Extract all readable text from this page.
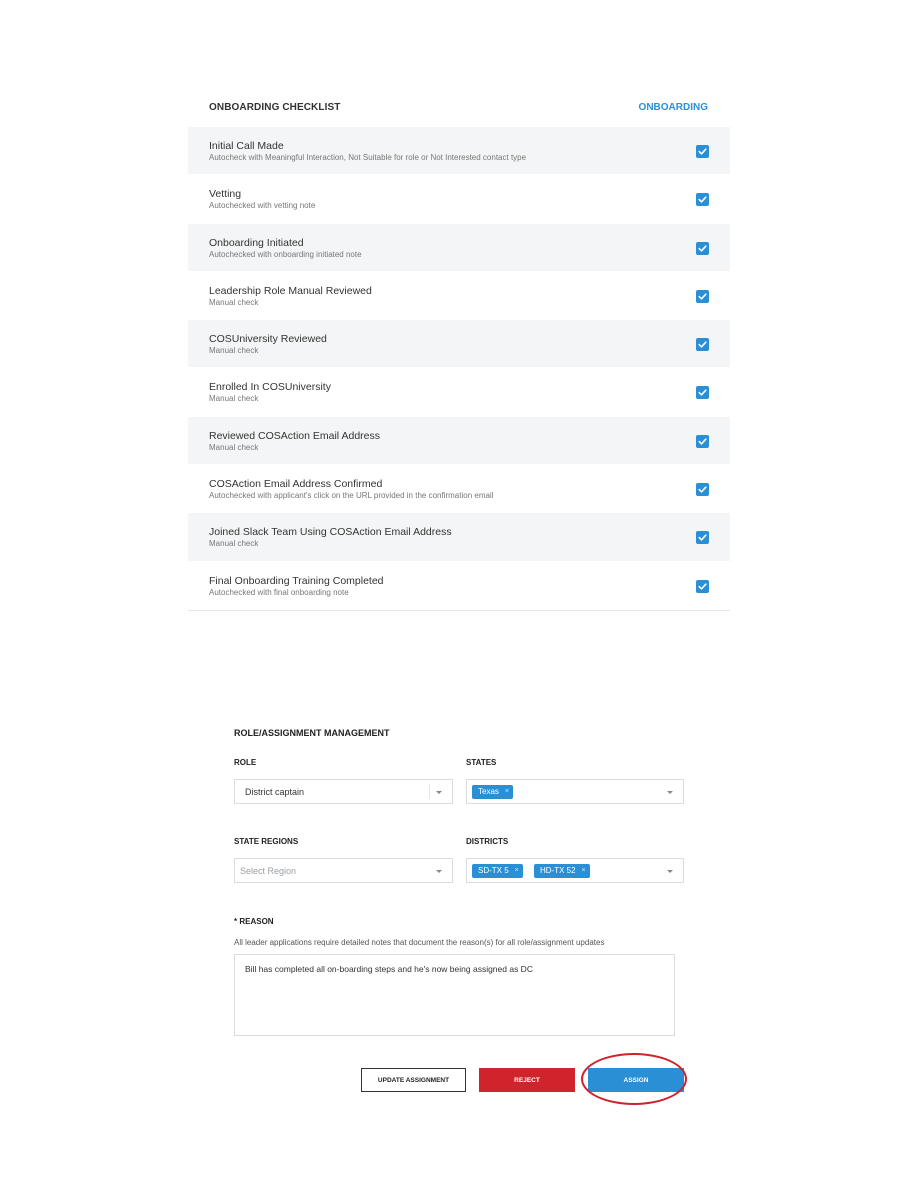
ONBOARDING CHECKLIST	ONBOARDING
Initial Call Made
Autocheck with Meaningful Interaction, Not Suitable for role or Not Interested contact type
Vetting
Autochecked with vetting note
Onboarding Initiated
Autochecked with onboarding initiated note
Leadership Role Manual Reviewed
Manual check
COSUniversity Reviewed
Manual check
Enrolled In COSUniversity
Manual check
Reviewed COSAction Email Address
Manual check
COSAction Email Address Confirmed
Autochecked with applicant's click on the URL provided in the confirmation email
Joined Slack Team Using COSAction Email Address
Manual check
Final Onboarding Training Completed
Autochecked with final onboarding note
ROLE/ASSIGNMENT MANAGEMENT
ROLE
District captain
STATES
Texas ×
STATE REGIONS
Select Region
DISTRICTS
SD-TX 5 ×	HD-TX 52 ×
* REASON
All leader applications require detailed notes that document the reason(s) for all role/assignment updates
Bill has completed all on-boarding steps and he's now being assigned as DC
UPDATE ASSIGNMENT	REJECT	ASSIGN
